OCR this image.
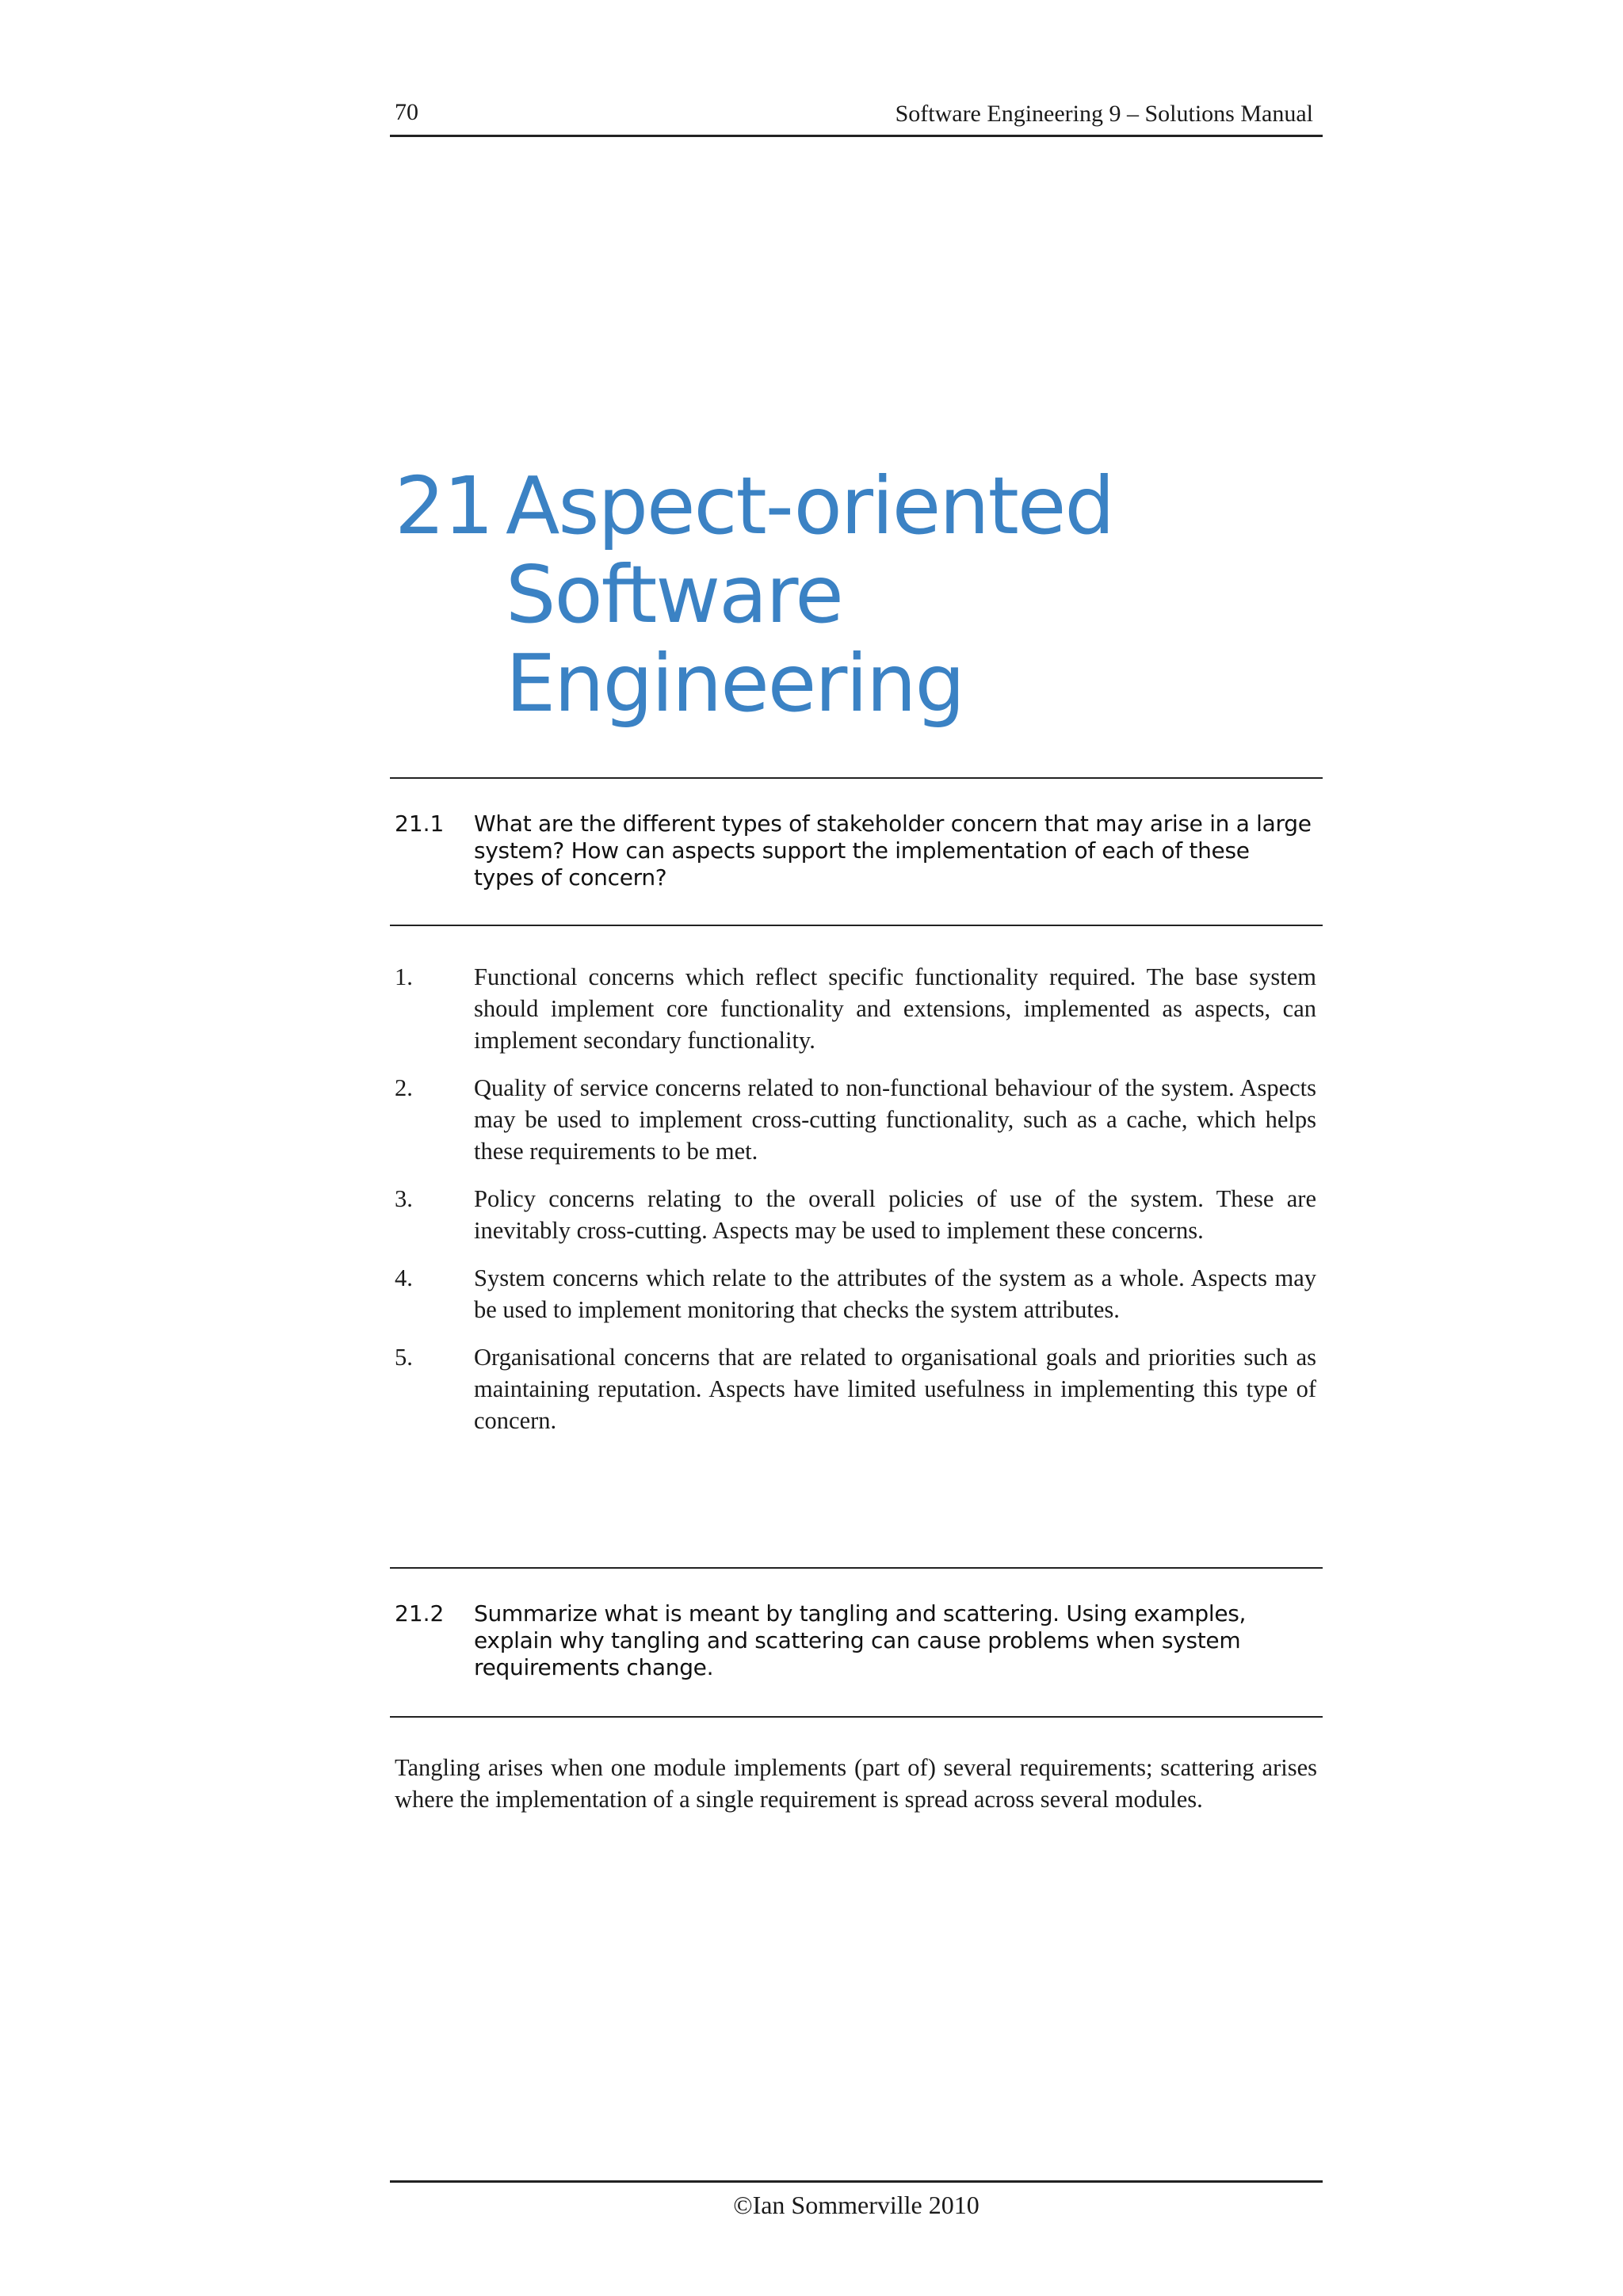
70	Software Engineering 9 – Solutions Manual
21 Aspect-oriented
Software Engineering
21.1 What are the different types of stakeholder concern that may arise in a large system? How can aspects support the implementation of each of these types of concern?
1.	Functional concerns which reflect specific functionality required. The base system should implement core functionality and extensions, implemented as aspects, can implement secondary functionality.
2.	Quality of service concerns related to non-functional behaviour of the system. Aspects may be used to implement cross-cutting functionality, such as a cache, which helps these requirements to be met.
3.	Policy concerns relating to the overall policies of use of the system. These are inevitably cross-cutting. Aspects may be used to implement these concerns.
4.	System concerns which relate to the attributes of the system as a whole. Aspects may be used to implement monitoring that checks the system attributes.
5.	Organisational concerns that are related to organisational goals and priorities such as maintaining reputation. Aspects have limited usefulness in implementing this type of concern.
21.2 Summarize what is meant by tangling and scattering. Using examples, explain why tangling and scattering can cause problems when system requirements change.

Tangling arises when one module implements (part of) several requirements; scattering arises where the implementation of a single requirement is spread across several modules.

©Ian Sommerville 2010
